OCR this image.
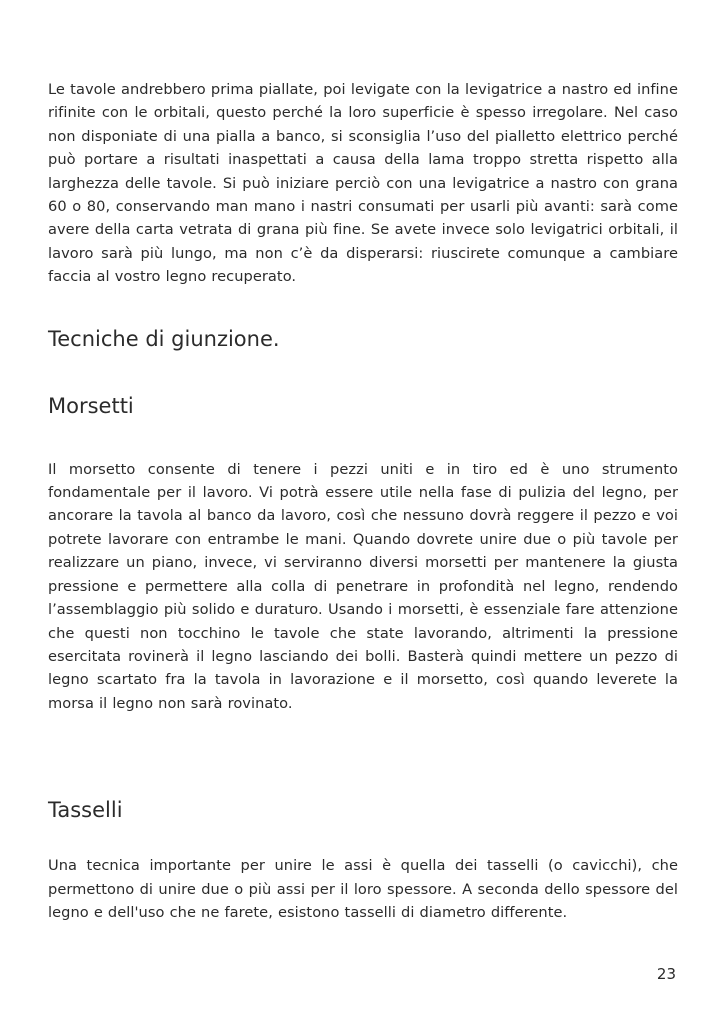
Le tavole andrebbero prima piallate, poi levigate con la levigatrice a nastro ed infine rifinite con le orbitali, questo perché la loro superficie è spesso irregolare. Nel caso non disponiate di una pialla a banco, si sconsiglia l’uso del pialletto elettrico perché può portare a risultati inaspettati a causa della lama troppo stretta rispetto alla larghezza delle tavole. Si può iniziare perciò con una levigatrice a nastro con grana 60 o 80, conservando man mano i nastri consumati per usarli più avanti: sarà come avere della carta vetrata di grana più fine. Se avete invece solo levigatrici orbitali, il lavoro sarà più lungo, ma non c’è da disperarsi: riuscirete comunque a cambiare faccia al vostro legno recuperato.

Tecniche di giunzione.
Morsetti

Il morsetto consente di tenere i pezzi uniti e in tiro ed è uno strumento fondamentale per il lavoro. Vi potrà essere utile nella fase di pulizia del legno, per ancorare la tavola al banco da lavoro, così che nessuno dovrà reggere il pezzo e voi potrete lavorare con entrambe le mani. Quando dovrete unire due o più tavole per realizzare un piano, invece, vi serviranno diversi morsetti per mantenere la giusta pressione e permettere alla colla di penetrare in profondità nel legno, rendendo l’assemblaggio più solido e duraturo. Usando i morsetti, è essenziale fare attenzione che questi non tocchino le tavole che state lavorando, altrimenti la pressione esercitata rovinerà il legno lasciando dei bolli. Basterà quindi mettere un pezzo di legno scartato fra la tavola in lavorazione e il morsetto, così quando leverete la morsa il legno non sarà rovinato.

Tasselli

Una tecnica importante per unire le assi è quella dei tasselli (o cavicchi), che permettono di unire due o più assi per il loro spessore. A seconda dello spessore del legno e dell'uso che ne farete, esistono tasselli di diametro differente.

23
